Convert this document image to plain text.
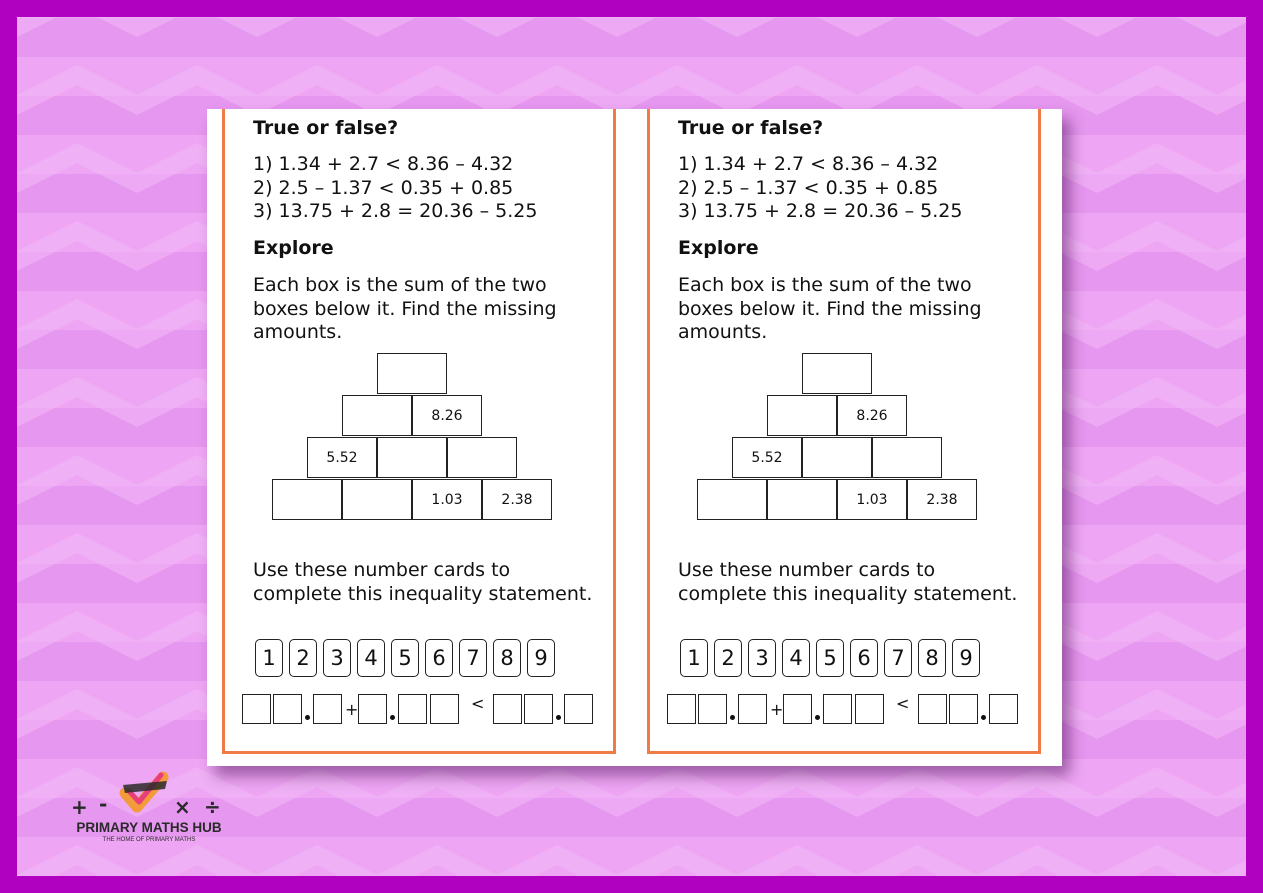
True or false?
1) 1.34 + 2.7 < 8.36 – 4.32
2) 2.5 – 1.37 < 0.35 + 0.85
3) 13.75 + 2.8 = 20.36 – 5.25
Explore

Each box is the sum of the two boxes below it. Find the missing amounts.

8.26
5.52
1.03	2.38

Use these number cards to complete this inequality statement.

1 2 3 4 5 6 7 8 9
+	<
True or false?
1) 1.34 + 2.7 < 8.36 – 4.32
2) 2.5 – 1.37 < 0.35 + 0.85
3) 13.75 + 2.8 = 20.36 – 5.25
Explore

Each box is the sum of the two boxes below it. Find the missing amounts.

8.26
5.52
1.03	2.38

Use these number cards to complete this inequality statement.

1 2 3 4 5 6 7 8 9
+	<
+ -	× ÷

PRIMARY MATHS HUB

THE HOME OF PRIMARY MATHS
